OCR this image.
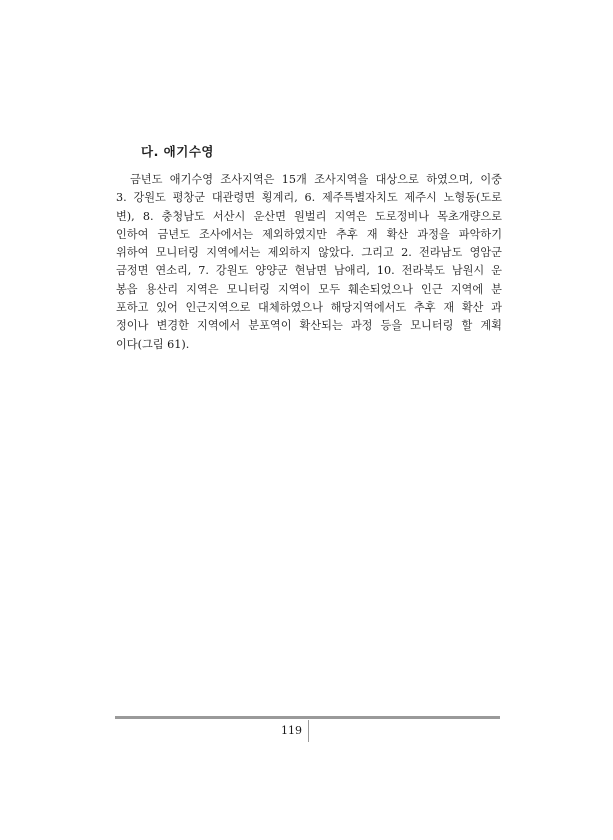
다. 애기수영

금년도 애기수영 조사지역은 15개 조사지역을 대상으로 하였으며, 이중
3. 강원도 평창군 대관령면 횡계리, 6. 제주특별자치도 제주시 노형동(도로
변), 8. 충청남도 서산시 운산면 원벌리 지역은 도로정비나 목초개량으로
인하여 금년도 조사에서는 제외하였지만 추후 재 확산 과정을 파악하기
위하여 모니터링 지역에서는 제외하지 않았다. 그리고 2. 전라남도 영암군
금정면 연소리, 7. 강원도 양양군 현남면 남애리, 10. 전라북도 남원시 운
봉읍 용산리 지역은 모니터링 지역이 모두 훼손되었으나 인근 지역에 분
포하고 있어 인근지역으로 대체하였으나 해당지역에서도 추후 재 확산 과
정이나 변경한 지역에서 분포역이 확산되는 과정 등을 모니터링 할 계획
이다(그림 61).

119
